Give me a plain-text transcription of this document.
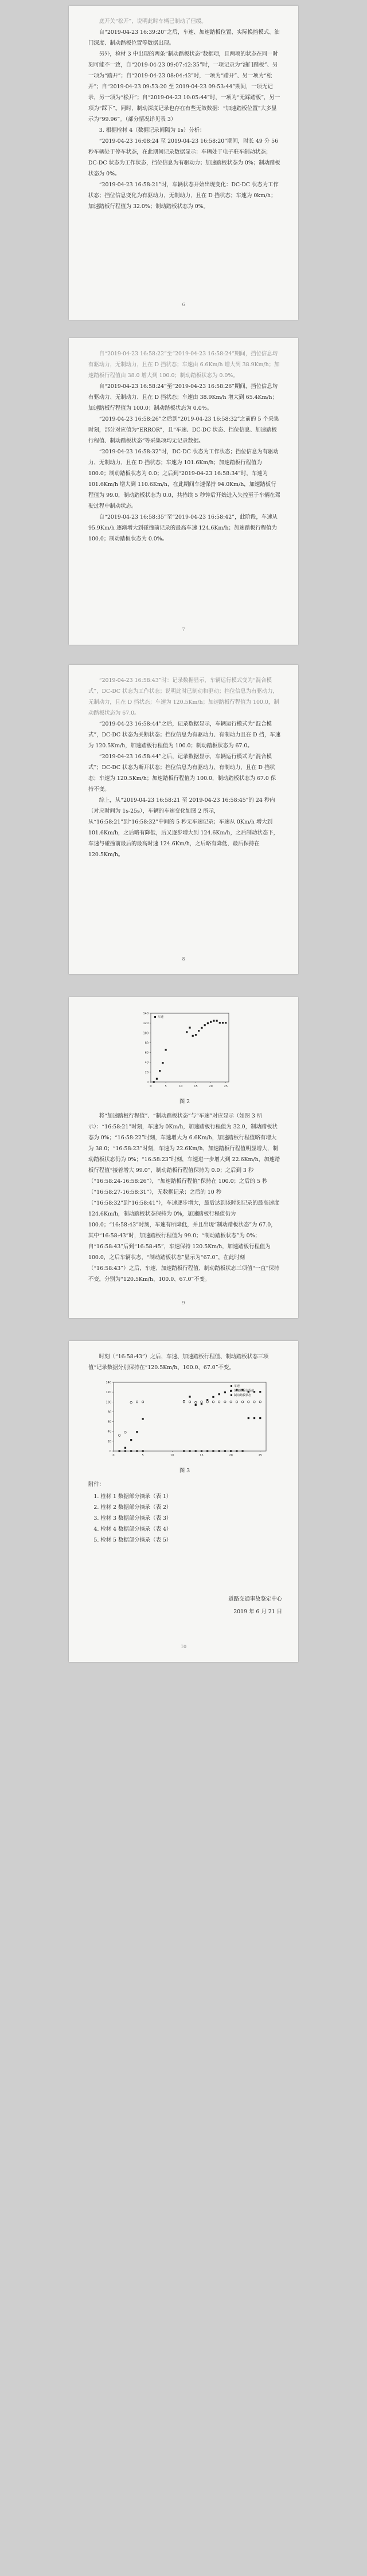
底开关“松开”，说明此时车辆已制动了但缓。

自“2019-04-23 16:39:20”之后，车速、加速踏板位置、实际换挡模式、油门深度、制动踏板位置等数据出现。

另外，检材 3 中出现的两条“制动踏板状态”数据项，且两项的状态在同一时刻可能不一致，自“2019-04-23 09:07:42:35”时，一项记录为“油门踏板”、另一项为“踏开”；自“2019-04-23 08:04:43”时，一项为“踏开”、另一项为“松开”；自“2019-04-23 09:53:20 至 2019-04-23 09:53:44”期间，一项无记录，另一项为“松开”；自“2019-04-23 10:05:44”时，一项为“无踩踏板”，另一项为“踩下”。同时，制动深度记录也存在有些无效数据：“加速踏板位置”大多显示为“99.96”。（部分情况详见表 3）

3. 根据检材 4（数据记录间隔为 1s）分析：

“2019-04-23 16:08:24 至 2019-04-23 16:58:20”期间，时长 49 分 56 秒车辆处于停车状态，在此期间记录数据显示：车辆处于电子驻车制动状态；DC-DC 状态为工作状态，挡位信息为有驱动力；加速踏板状态为 0%；制动踏板状态为 0%。

“2019-04-23 16:58:21”时，车辆状态开始出现变化：DC-DC 状态为工作状态；挡位信息变化为有驱动力，无制动力，且在 D 挡状态；车速为 0km/h；加速踏板行程值为 32.0%；制动踏板状态为 0%。

6

自“2019-04-23 16:58:22”至“2019-04-23 16:58:24”期间，挡位信息均有驱动力，无制动力，且在 D 挡状态；车速由 6.6Km/h 增大到 38.9Km/h；加速踏板行程值由 38.0 增大到 100.0；制动踏板状态为 0.0%。

自“2019-04-23 16:58:24”至“2019-04-23 16:58:26”期间，挡位信息均有驱动力、无制动力、且在 D 挡状态；车速由 38.9Km/h 增大到 65.4Km/h；加速踏板行程值为 100.0；制动踏板状态为 0.0%。

“2019-04-23 16:58:26”之后到“2019-04-23 16:58:32”之前的 5 个采集时刻，部分对应值为“ERROR”，且“车速、DC-DC 状态、挡位信息、加速踏板行程值、制动踏板状态”等采集项均无记录数据。

“2019-04-23 16:58:32”时，DC-DC 状态为工作状态；挡位信息为有驱动力、无制动力、且在 D 挡状态；车速为 101.6Km/h；加速踏板行程值为 100.0；制动踏板状态为 0.0；之后到“2019-04-23 16:58:34”时，车速为 101.6Km/h 增大到 110.6Km/h，在此期间车速保持 94.0Km/h，加速踏板行程值为 99.0，制动踏板状态为 0.0，共持续 5 秒钟后开始进入失控至于车辆在驾驶过程中制动状态。

自“2019-04-23 16:58:35”至“2019-04-23 16:58:42”，此阶段，车速从 95.9Km/h 逐渐增大到碰撞前记录的最高车速 124.6Km/h；加速踏板行程值为 100.0；制动踏板状态为 0.0%。

7

“2019-04-23 16:58:43”时：记录数据显示，车辆运行模式变为“混合模式”，DC-DC 状态为工作状态；说明此时已制动和驱动；挡位信息为有驱动力，无制动力，且在 D 挡状态；车速为 120.5Km/h；加速踏板行程值为 100.0，制动踏板状态为 67.0。

“2019-04-23 16:58:44”之后，记录数据显示，车辆运行模式为“混合模式”，DC-DC 状态为关断状态；挡位信息为有驱动力、有制动力且在 D 挡，车速为 120.5Km/h，加速踏板行程值为 100.0；制动踏板状态为 67.0。

“2019-04-23 16:58:44”之后，记录数据显示，车辆运行模式为“混合模式”；DC-DC 状态为断开状态；挡位信息为有驱动力、有制动力，且在 D 挡状态；车速为 120.5Km/h；加速踏板行程值为 100.0，制动踏板状态为 67.0 保持不变。

综上，从“2019-04-23 16:58:21 至 2019-04-23 16:58:45”的 24 秒内（对应时间为 1s-25s），车辆的车速变化如图 2 所示，从“16:58:21”到“16:58:32”中间的 5 秒无车速记录；车速从 0Km/h 增大到 101.6Km/h，之后略有降低，后又逐步增大到 124.6Km/h，之后制动状态下，车速与碰撞前最后的最高时速 124.6Km/h，之后略有降低，最后保持在 120.5Km/h。

8
0
20
40
60
80
100
120
140
0	5	10	15	20	25
车速
图 2

将“加速踏板行程值”、“制动踏板状态”与“车速”对应显示（如图 3 所示）：“16:58:21”时刻，车速为 0Km/h，加速踏板行程值为 32.0，制动踏板状态为 0%；“16:58:22”时刻，车速增大为 6.6Km/h，加速踏板行程值略有增大为 38.0；“16:58:23”时刻，车速为 22.6Km/h，加速踏板行程值明显增大，制动踏板状态仍为 0%；“16:58:23”时刻，车速进一步增大到 22.6Km/h，加速踏板行程值“接着增大 99.0”，制动踏板行程值保持为 0.0；之后到 3 秒（“16:58:24-16:58:26”），“加速踏板行程值”保持在 100.0；之后的 5 秒（“16:58:27-16:58:31”），无数据记录；之后的 10 秒（“16:58:32”到“16:58:41”），车速逐步增大，最后达到该时刻记录的最高速度 124.6Km/h，制动踏板状态保持为 0%，加速踏板行程值仍为 100.0；“16:58:43”时刻，车速有所降低，并且出现“制动踏板状态”为 67.0，其中“16:58:43”时，加速踏板行程值为 99.0；“制动踏板状态”为 0%；自“16:58:43”后到“16:58:45”，车速保持 120.5Km/h，加速踏板行程值为 100.0，之后车辆状态，“制动踏板状态”显示为“67.0”，在此时刻（“16:58:43”）之后，车速、加速踏板行程值、制动踏板状态三项值“一直”保持不变，分别为“120.5Km/h、100.0、67.0”不变。

9

时刻（“16:58:43”）之后，车速、加速踏板行程值、制动踏板状态三项值“记录数据分别保持在“120.5Km/h、100.0、67.0”不变。

0
20
40
60
80
100
120
140
0	5	10	15	20	25
车速
加速踏板行程值
制动踏板状态
图 3
附件：
1. 检材 1 数据部分摘录（表 1）
2. 检材 2 数据部分摘录（表 2）
3. 检材 3 数据部分摘录（表 3）
4. 检材 4 数据部分摘录（表 4）
5. 检材 5 数据部分摘录（表 5）
道路交通事故鉴定中心
2019 年 6 月 21 日
10
